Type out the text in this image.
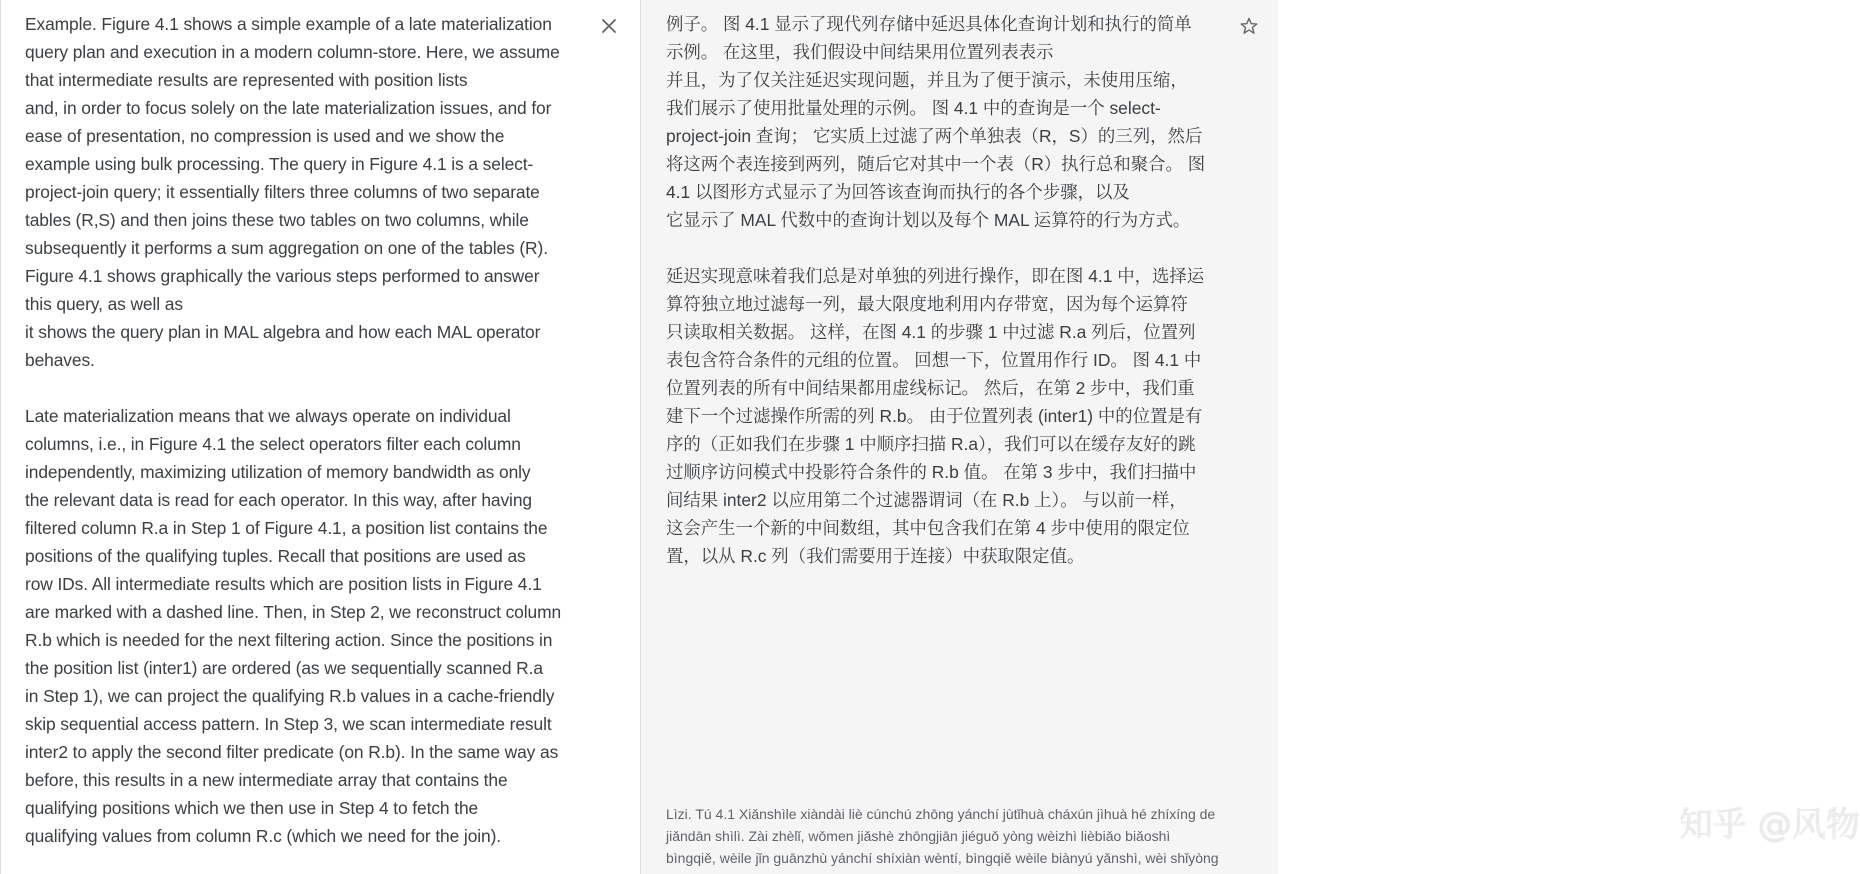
Example. Figure 4.1 shows a simple example of a late materialization
query plan and execution in a modern column-store. Here, we assume
that intermediate results are represented with position lists
and, in order to focus solely on the late materialization issues, and for
ease of presentation, no compression is used and we show the
example using bulk processing. The query in Figure 4.1 is a select-
project-join query; it essentially filters three columns of two separate
tables (R,S) and then joins these two tables on two columns, while
subsequently it performs a sum aggregation on one of the tables (R).
Figure 4.1 shows graphically the various steps performed to answer
this query, as well as
it shows the query plan in MAL algebra and how each MAL operator
behaves.
Late materialization means that we always operate on individual
columns, i.e., in Figure 4.1 the select operators filter each column
independently, maximizing utilization of memory bandwidth as only
the relevant data is read for each operator. In this way, after having
filtered column R.a in Step 1 of Figure 4.1, a position list contains the
positions of the qualifying tuples. Recall that positions are used as
row IDs. All intermediate results which are position lists in Figure 4.1
are marked with a dashed line. Then, in Step 2, we reconstruct column
R.b which is needed for the next filtering action. Since the positions in
the position list (inter1) are ordered (as we sequentially scanned R.a
in Step 1), we can project the qualifying R.b values in a cache-friendly
skip sequential access pattern. In Step 3, we scan intermediate result
inter2 to apply the second filter predicate (on R.b). In the same way as
before, this results in a new intermediate array that contains the
qualifying positions which we then use in Step 4 to fetch the
qualifying values from column R.c (which we need for the join).
例子。 图 4.1 显示了现代列存储中延迟具体化查询计划和执行的简单
示例。 在这里，我们假设中间结果用位置列表表示
并且，为了仅关注延迟实现问题，并且为了便于演示，未使用压缩，
我们展示了使用批量处理的示例。 图 4.1 中的查询是一个 select-
project-join 查询； 它实质上过滤了两个单独表（R，S）的三列，然后
将这两个表连接到两列，随后它对其中一个表（R）执行总和聚合。 图
4.1 以图形方式显示了为回答该查询而执行的各个步骤，以及
它显示了 MAL 代数中的查询计划以及每个 MAL 运算符的行为方式。
延迟实现意味着我们总是对单独的列进行操作，即在图 4.1 中，选择运
算符独立地过滤每一列，最大限度地利用内存带宽，因为每个运算符
只读取相关数据。 这样，在图 4.1 的步骤 1 中过滤 R.a 列后，位置列
表包含符合条件的元组的位置。 回想一下，位置用作行 ID。 图 4.1 中
位置列表的所有中间结果都用虚线标记。 然后，在第 2 步中，我们重
建下一个过滤操作所需的列 R.b。 由于位置列表 (inter1) 中的位置是有
序的（正如我们在步骤 1 中顺序扫描 R.a），我们可以在缓存友好的跳
过顺序访问模式中投影符合条件的 R.b 值。 在第 3 步中，我们扫描中
间结果 inter2 以应用第二个过滤器谓词（在 R.b 上）。 与以前一样，
这会产生一个新的中间数组，其中包含我们在第 4 步中使用的限定位
置，以从 R.c 列（我们需要用于连接）中获取限定值。
Lìzi. Tú 4.1 Xiǎnshìle xiàndài liè cúnchú zhōng yánchí jùtǐhuà cháxún jìhuà hé zhíxíng de
jiǎndān shìlì. Zài zhèlǐ, wǒmen jiǎshè zhōngjiān jiéguǒ yòng wèizhì lièbiǎo biǎoshì
bìngqiě, wèile jǐn guānzhù yánchí shíxiàn wèntí, bìngqiě wèile biànyú yǎnshì, wèi shǐyòng
知乎 @风物
